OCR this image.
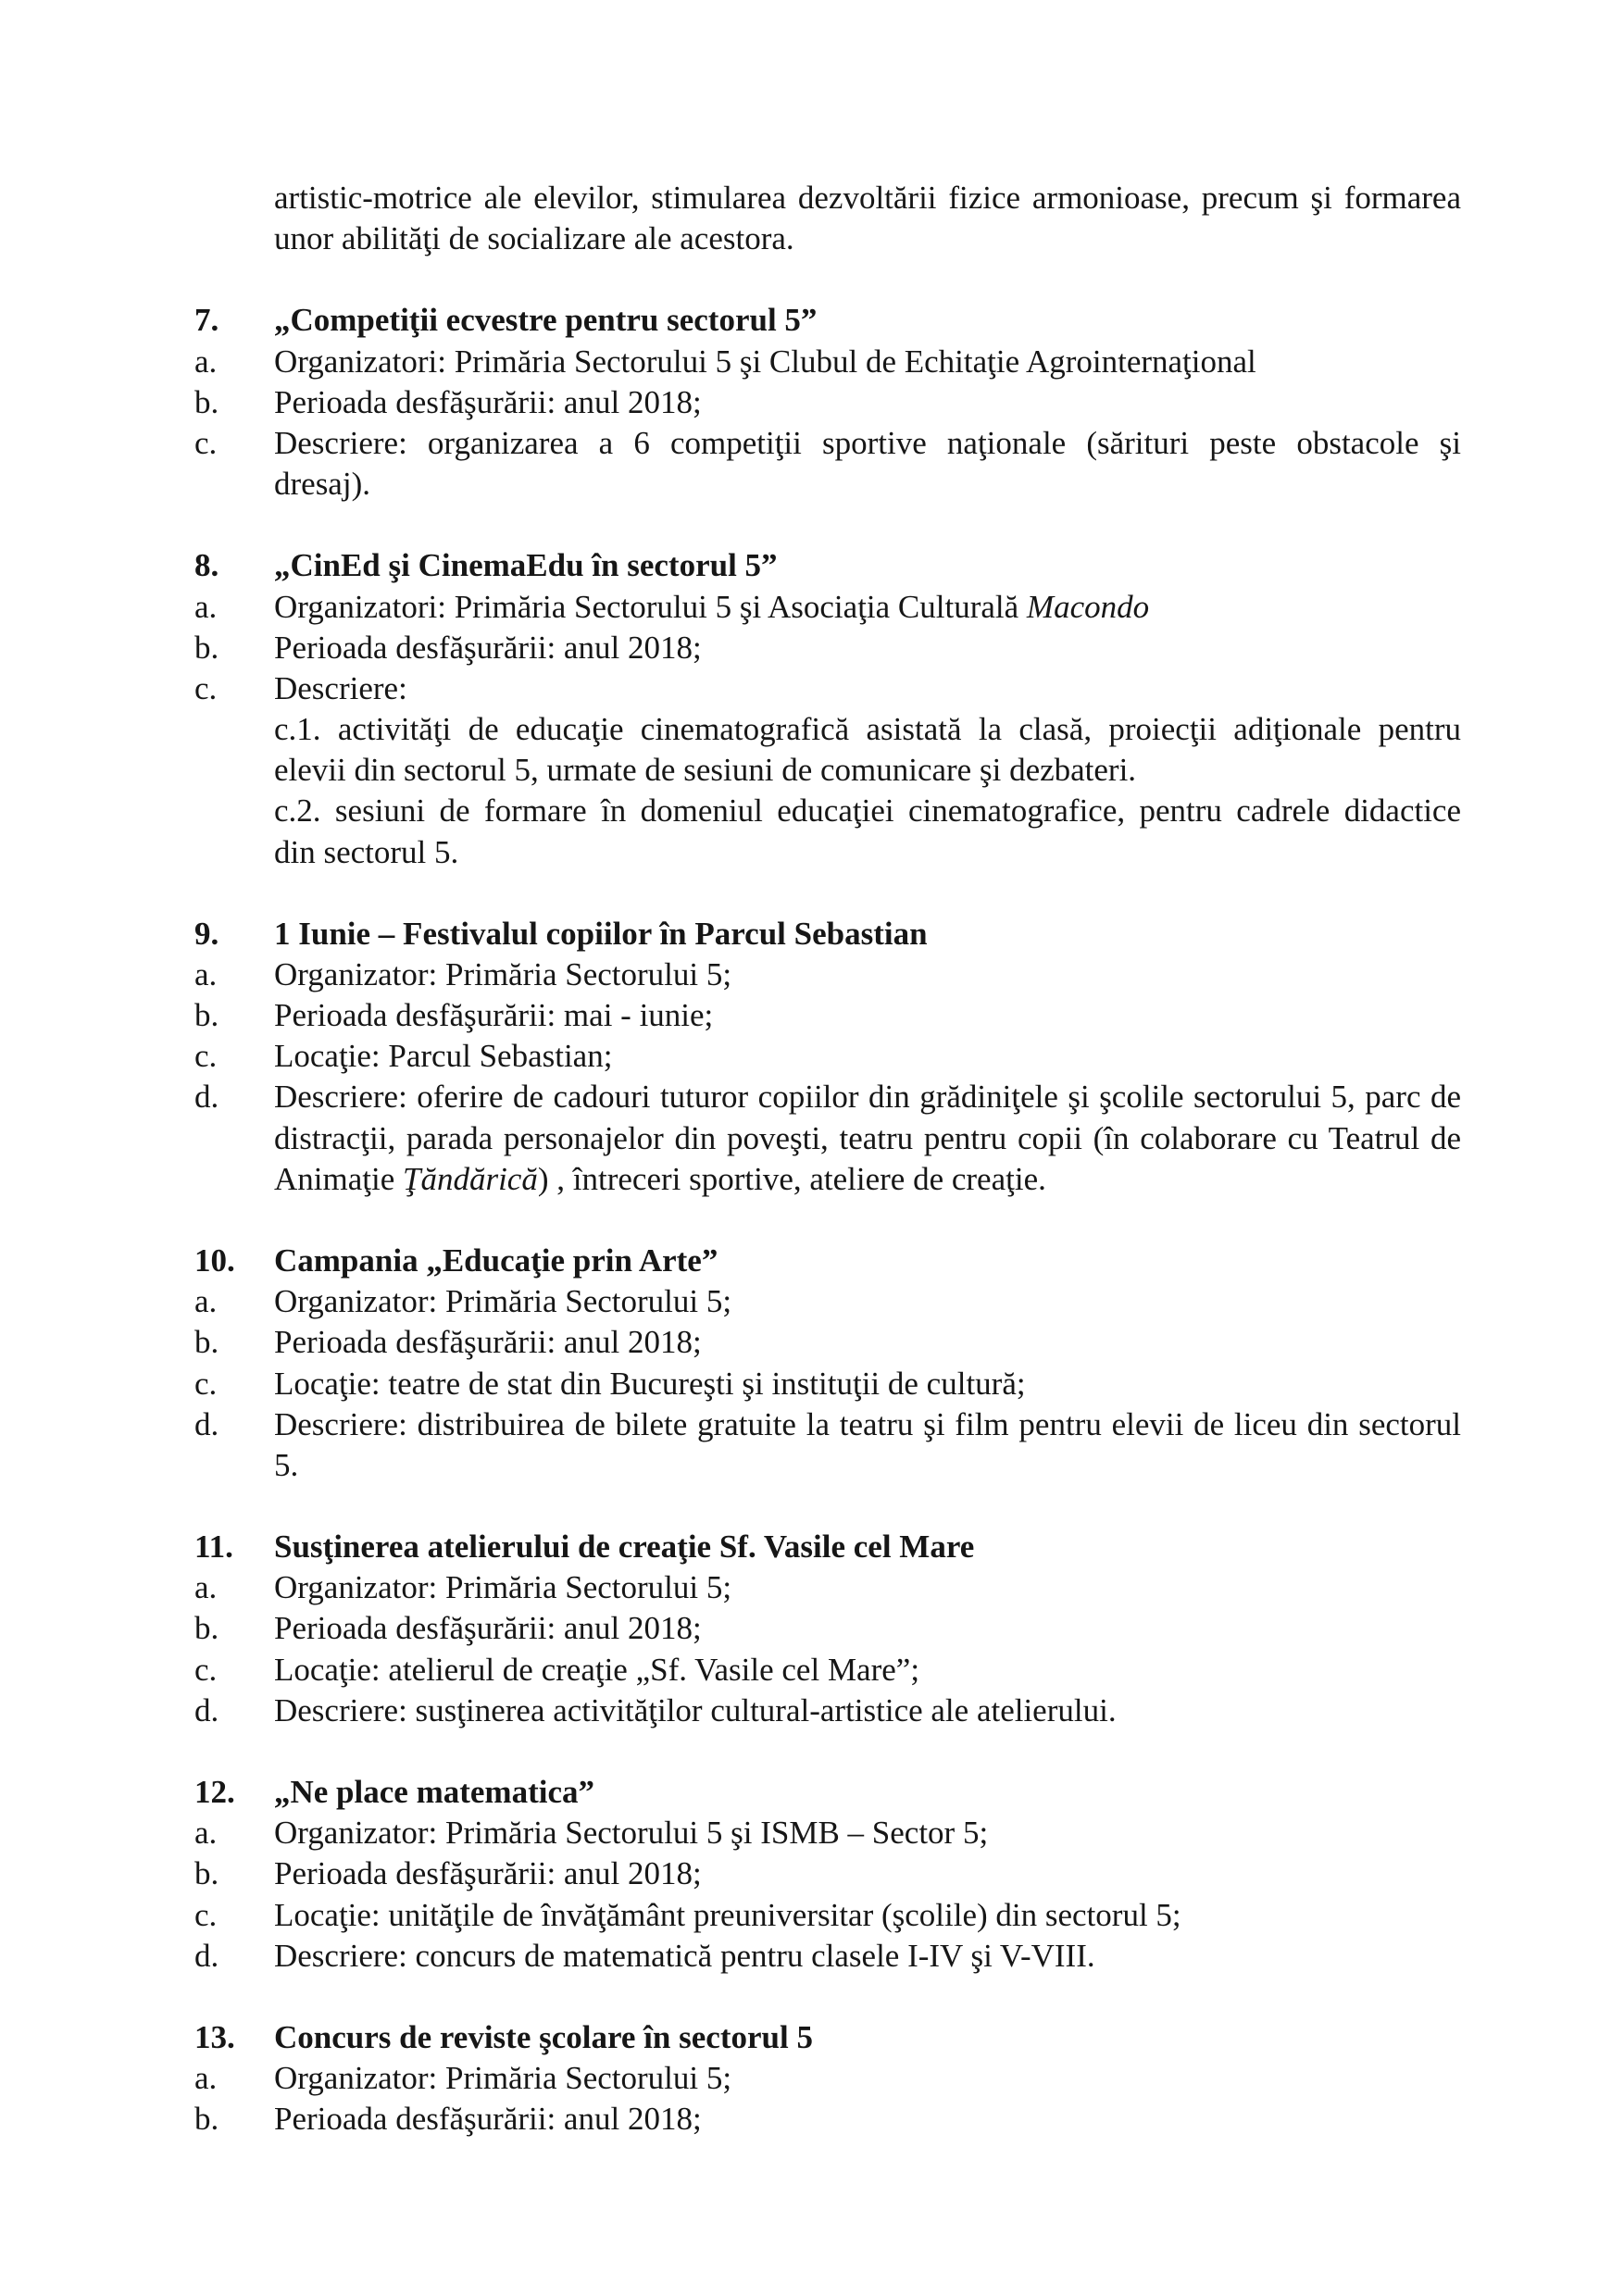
artistic-motrice ale elevilor, stimularea dezvoltării fizice armonioase, precum şi formarea
unor abilităţi de socializare ale acestora.
7. „Competiţii ecvestre pentru sectorul 5”
a. Organizatori: Primăria Sectorului 5 şi Clubul de Echitaţie Agrointernaţional
b. Perioada desfăşurării: anul 2018;
c. Descriere: organizarea a 6 competiţii sportive naţionale (sărituri peste obstacole şi
dresaj).
8. „CinEd şi CinemaEdu în sectorul 5”
a. Organizatori: Primăria Sectorului 5 şi Asociaţia Culturală Macondo
b. Perioada desfăşurării: anul 2018;
c. Descriere:
c.1. activităţi de educaţie cinematografică asistată la clasă, proiecţii adiţionale pentru
elevii din sectorul 5, urmate de sesiuni de comunicare şi dezbateri.
c.2. sesiuni de formare în domeniul educaţiei cinematografice, pentru cadrele didactice
din sectorul 5.
9. 1 Iunie – Festivalul copiilor în Parcul Sebastian
a. Organizator: Primăria Sectorului 5;
b. Perioada desfăşurării: mai - iunie;
c. Locaţie: Parcul Sebastian;
d. Descriere: oferire de cadouri tuturor copiilor din grădiniţele şi şcolile sectorului 5, parc de
distracţii, parada personajelor din poveşti, teatru pentru copii (în colaborare cu Teatrul de
Animaţie Ţăndărică) , întreceri sportive, ateliere de creaţie.
10. Campania „Educaţie prin Arte”
a. Organizator: Primăria Sectorului 5;
b. Perioada desfăşurării: anul 2018;
c. Locaţie: teatre de stat din Bucureşti şi instituţii de cultură;
d. Descriere: distribuirea de bilete gratuite la teatru şi film pentru elevii de liceu din sectorul
5.
11. Susţinerea atelierului de creaţie Sf. Vasile cel Mare
a. Organizator: Primăria Sectorului 5;
b. Perioada desfăşurării: anul 2018;
c. Locaţie: atelierul de creaţie „Sf. Vasile cel Mare”;
d. Descriere: susţinerea activităţilor cultural-artistice ale atelierului.
12. „Ne place matematica”
a. Organizator: Primăria Sectorului 5 şi ISMB – Sector 5;
b. Perioada desfăşurării: anul 2018;
c. Locaţie: unităţile de învăţământ preuniversitar (şcolile) din sectorul 5;
d. Descriere: concurs de matematică pentru clasele I-IV şi V-VIII.
13. Concurs de reviste şcolare în sectorul 5
a. Organizator: Primăria Sectorului 5;
b. Perioada desfăşurării: anul 2018;
